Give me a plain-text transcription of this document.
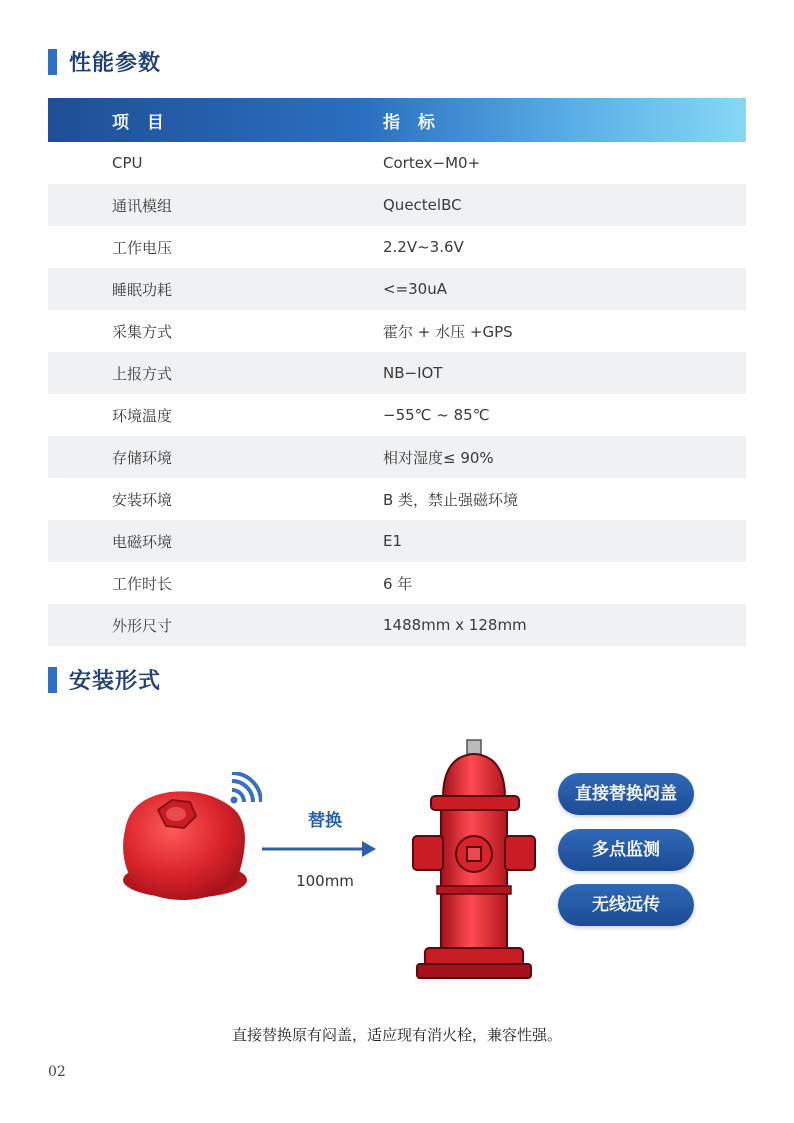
性能参数
项 目	指 标
CPU	Cortex−M0+
通讯模组	QuectelBC
工作电压	2.2V~3.6V
睡眠功耗	<=30uA
采集方式	霍尔 + 水压 +GPS
上报方式	NB−IOT
环境温度	−55℃ ~ 85℃
存储环境	相对湿度≤ 90%
安装环境	B 类，禁止强磁环境
电磁环境	E1
工作时长	6 年
外形尺寸	1488mm x 128mm
安装形式
替换
100mm
直接替换闷盖
多点监测
无线远传
直接替换原有闷盖，适应现有消火栓，兼容性强。
02
